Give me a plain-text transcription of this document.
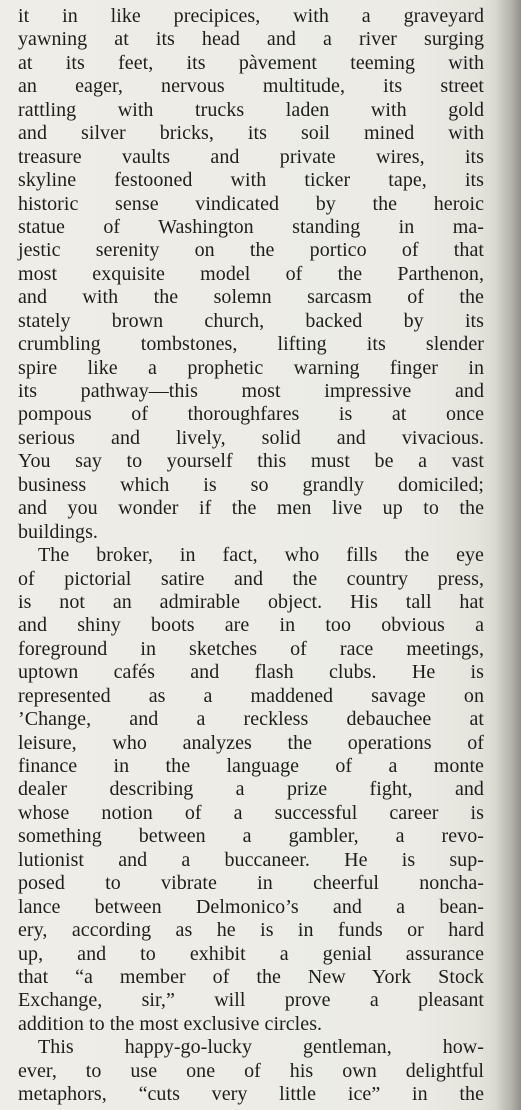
it in like precipices, with a graveyard
yawning at its head and a river surging
at its feet, its pàvement teeming with
an eager, nervous multitude, its street
rattling with trucks laden with gold
and silver bricks, its soil mined with
treasure vaults and private wires, its
skyline festooned with ticker tape, its
historic sense vindicated by the heroic
statue of Washington standing in ma-
jestic serenity on the portico of that
most exquisite model of the Parthenon,
and with the solemn sarcasm of the
stately brown church, backed by its
crumbling tombstones, lifting its slender
spire like a prophetic warning finger in
its pathway—this most impressive and
pompous of thoroughfares is at once
serious and lively, solid and vivacious.
You say to yourself this must be a vast
business which is so grandly domiciled;
and you wonder if the men live up to the
buildings.
The broker, in fact, who fills the eye
of pictorial satire and the country press,
is not an admirable object. His tall hat
and shiny boots are in too obvious a
foreground in sketches of race meetings,
uptown cafés and flash clubs. He is
represented as a maddened savage on
’Change, and a reckless debauchee at
leisure, who analyzes the operations of
finance in the language of a monte
dealer describing a prize fight, and
whose notion of a successful career is
something between a gambler, a revo-
lutionist and a buccaneer. He is sup-
posed to vibrate in cheerful noncha-
lance between Delmonico’s and a bean-
ery, according as he is in funds or hard
up, and to exhibit a genial assurance
that “a member of the New York Stock
Exchange, sir,” will prove a pleasant
addition to the most exclusive circles.
This happy-go-lucky gentleman, how-
ever, to use one of his own delightful
metaphors, “cuts very little ice” in the
